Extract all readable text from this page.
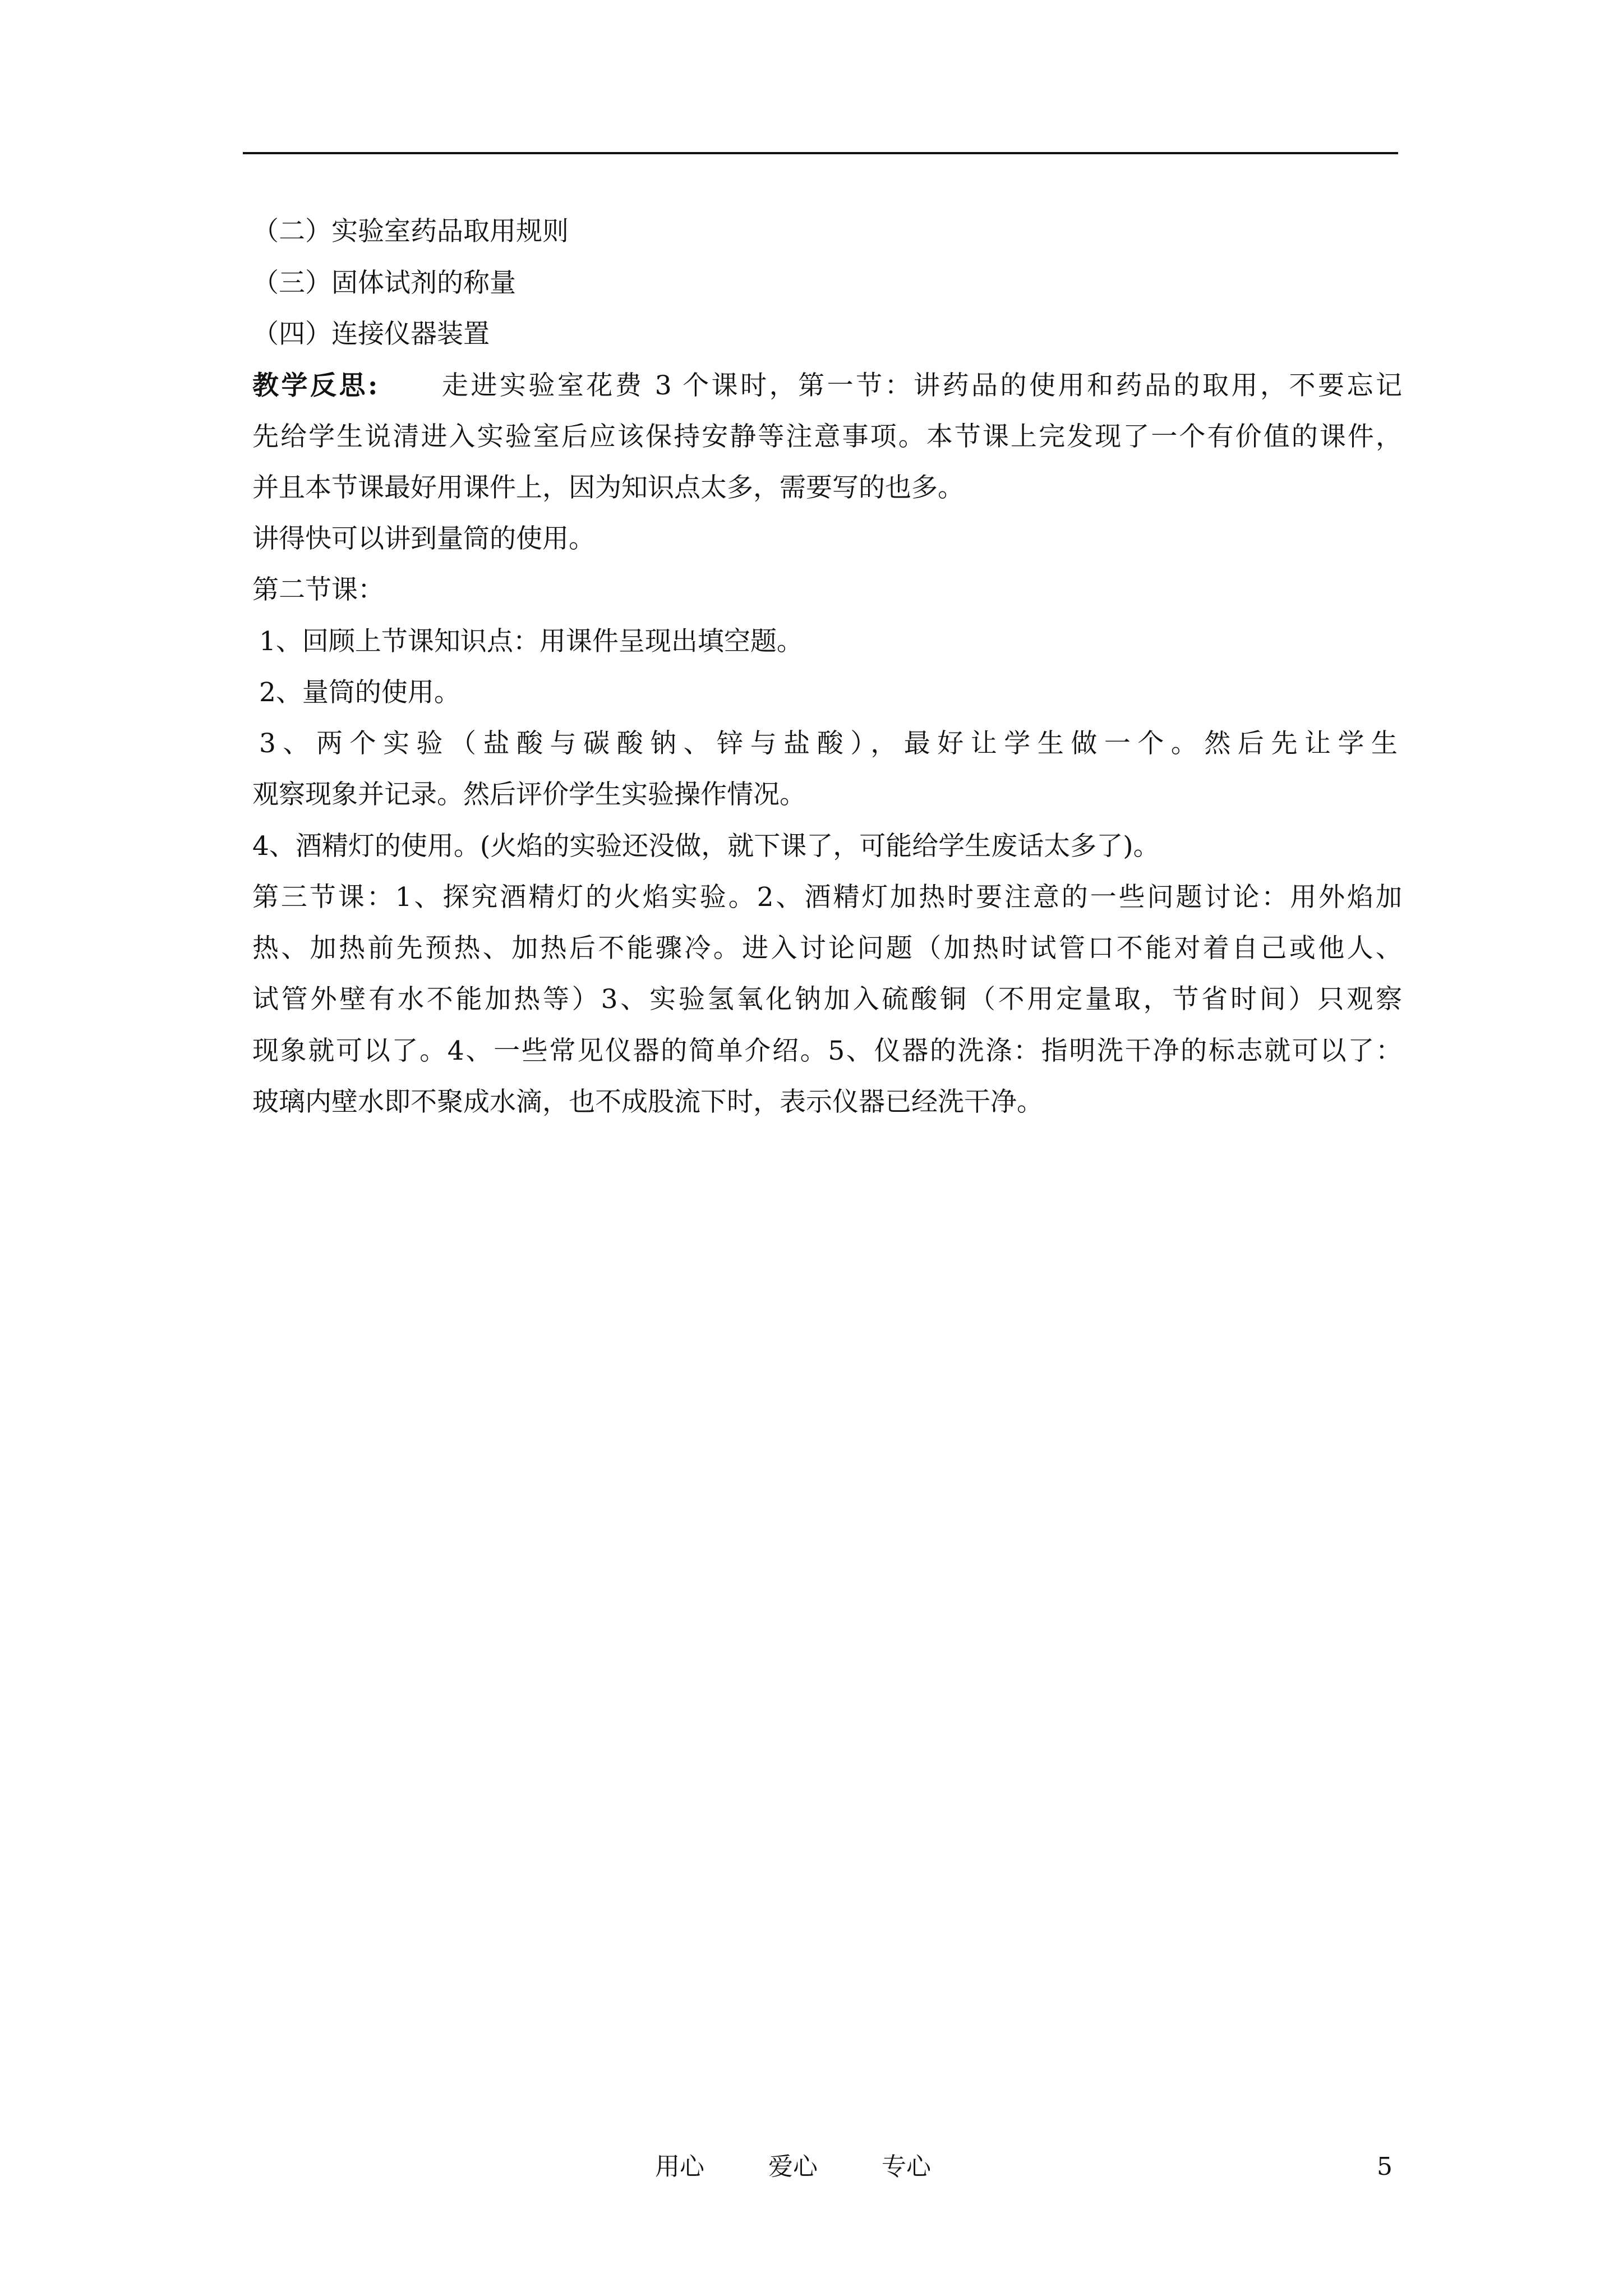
（二）实验室药品取用规则
（三）固体试剂的称量
（四）连接仪器装置
教学反思: 走进实验室花费 3 个课时，第一节：讲药品的使用和药品的取用，不要忘记
先给学生说清进入实验室后应该保持安静等注意事项。本节课上完发现了一个有价值的课件，
并且本节课最好用课件上，因为知识点太多，需要写的也多。
讲得快可以讲到量筒的使用。
第二节课：
1、回顾上节课知识点：用课件呈现出填空题。
2、量筒的使用。
3、两个实验（盐酸与碳酸钠、锌与盐酸），最好让学生做一个。然后先让学生
观察现象并记录。然后评价学生实验操作情况。
4、酒精灯的使用。(火焰的实验还没做，就下课了，可能给学生废话太多了)。
第三节课：1、探究酒精灯的火焰实验。2、酒精灯加热时要注意的一些问题讨论：用外焰加
热、加热前先预热、加热后不能骤冷。进入讨论问题（加热时试管口不能对着自己或他人、
试管外壁有水不能加热等）3、实验氢氧化钠加入硫酸铜（不用定量取，节省时间）只观察
现象就可以了。4、一些常见仪器的简单介绍。5、仪器的洗涤：指明洗干净的标志就可以了：
玻璃内壁水即不聚成水滴，也不成股流下时，表示仪器已经洗干净。
用心	爱心	专心	5
